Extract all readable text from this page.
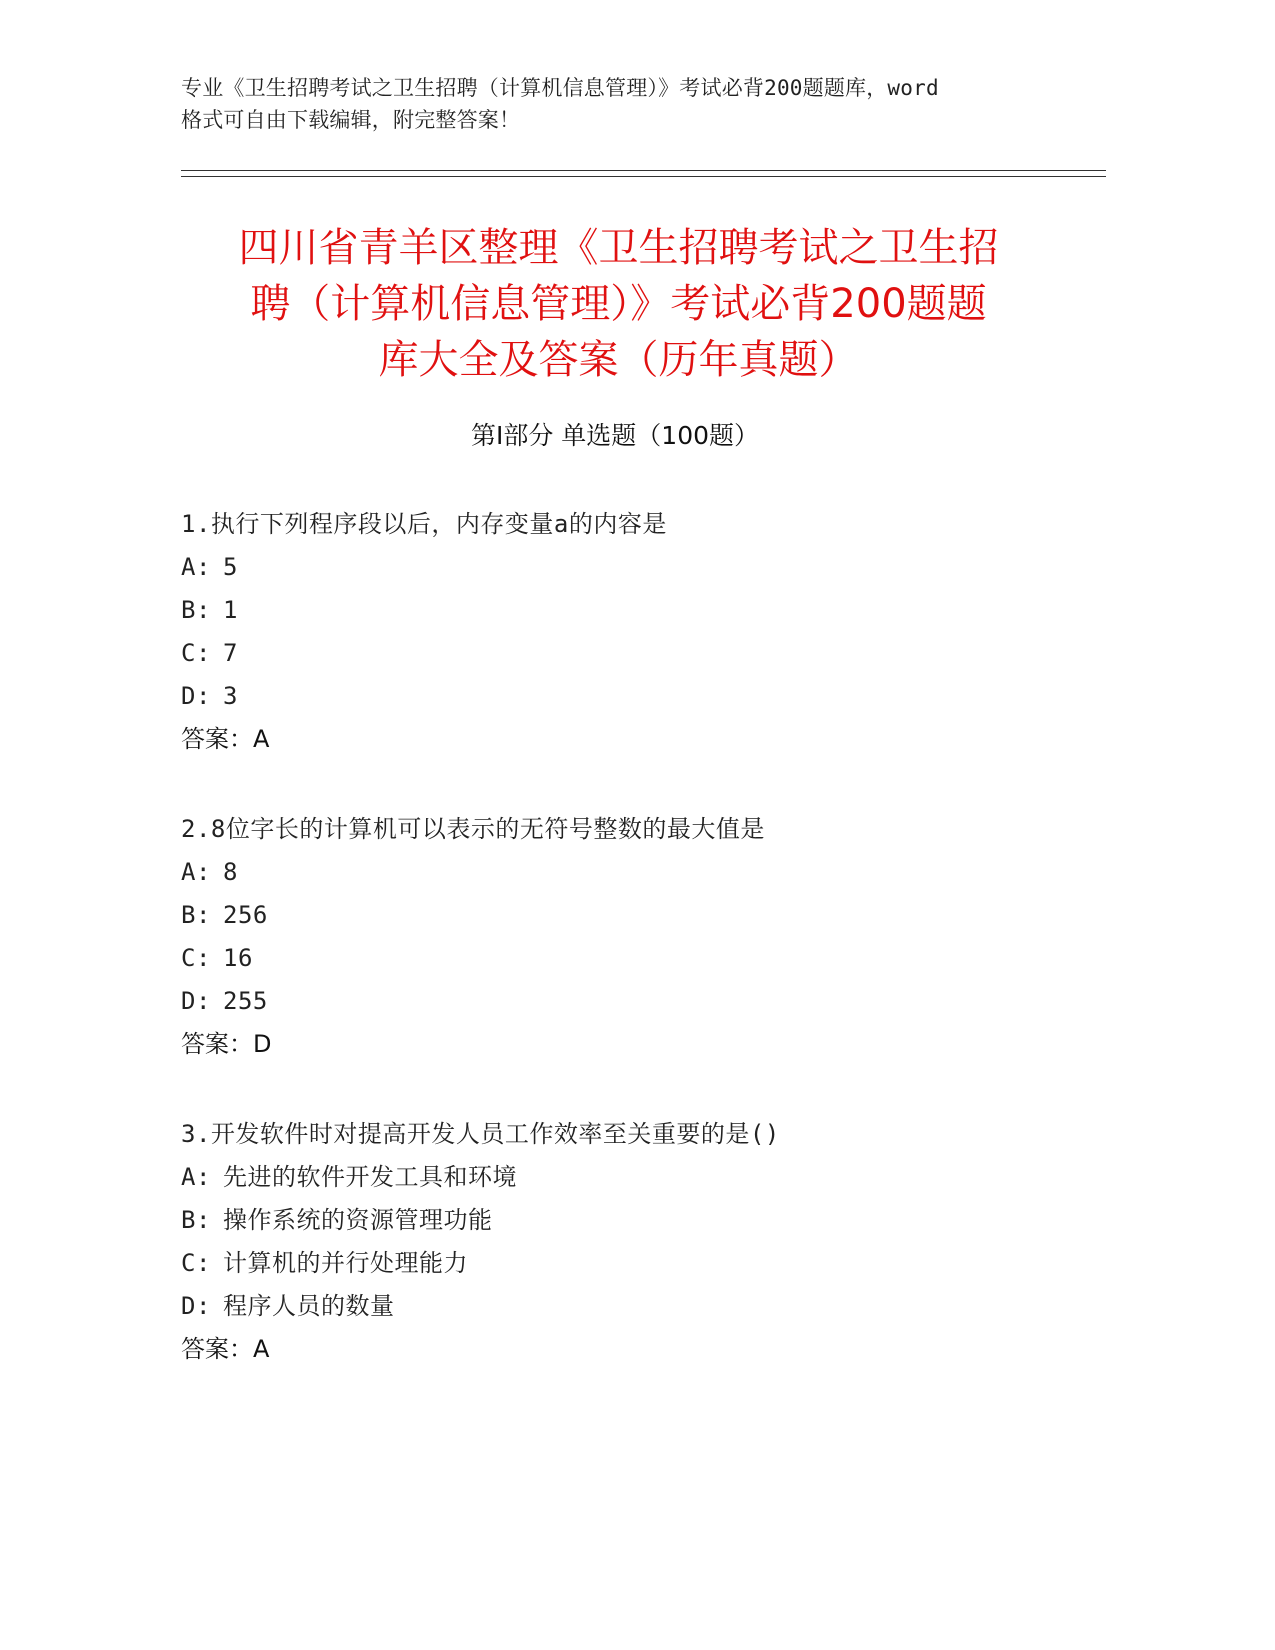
专业《卫生招聘考试之卫生招聘（计算机信息管理）》考试必背200题题库，word
格式可自由下载编辑，附完整答案！
四川省青羊区整理《卫生招聘考试之卫生招
聘（计算机信息管理）》考试必背200题题
库大全及答案（历年真题）
第Ⅰ部分 单选题（100题）
1.执行下列程序段以后，内存变量a的内容是
A: 5
B: 1
C: 7
D: 3
答案：A
2.8位字长的计算机可以表示的无符号整数的最大值是
A: 8
B: 256
C: 16
D: 255
答案：D
3.开发软件时对提高开发人员工作效率至关重要的是()
A: 先进的软件开发工具和环境
B: 操作系统的资源管理功能
C: 计算机的并行处理能力
D: 程序人员的数量
答案：A
